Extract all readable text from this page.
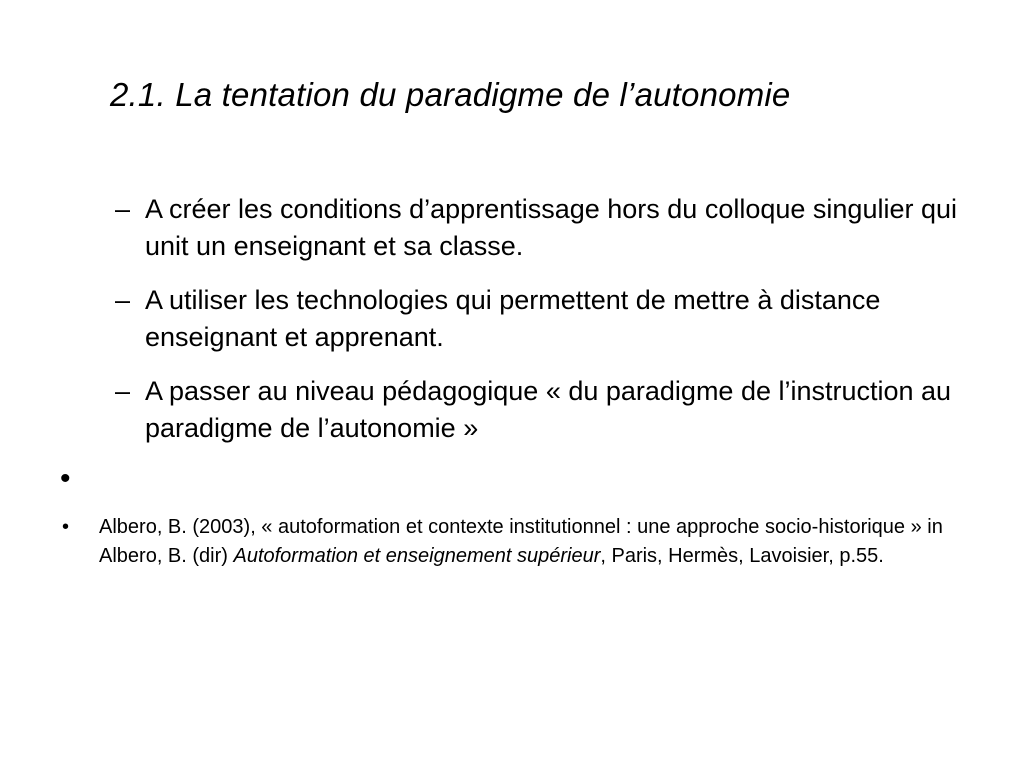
2.1. La tentation du paradigme de l’autonomie
– A créer les conditions d’apprentissage hors du colloque singulier qui unit un enseignant et sa classe.
– A utiliser les technologies qui permettent de mettre à distance enseignant et apprenant.
– A passer au niveau pédagogique « du paradigme de l’instruction au paradigme de l’autonomie »
•
•	Albero, B. (2003), « autoformation et contexte institutionnel : une approche socio-historique » in Albero, B. (dir) Autoformation et enseignement supérieur, Paris, Hermès, Lavoisier, p.55.
